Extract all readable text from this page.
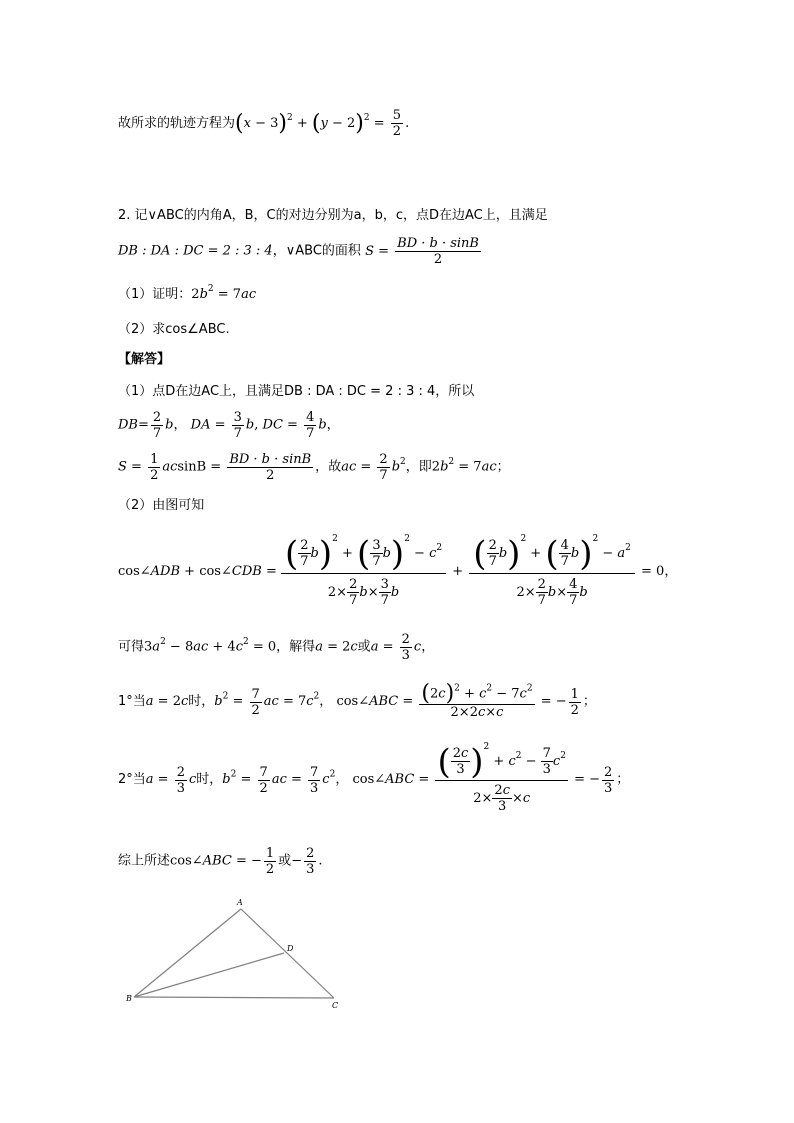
故所求的轨迹方程为$(x - 3)^2 + (y - 2)^2 = \frac{5}{2}$ .
2. 记∨ABC的内角A，B，C的对边分别为a，b，c，点D在边AC上，且满足
DB : DA : DC = 2 : 3 : 4，∨ABC的面积 $S = \frac{BD \cdot b \cdot \sin B}{2}$
（1）证明：$2b^2 = 7ac$
（2）求cos∠ABC.
【解答】
（1）点D在边AC上，且满足DB : DA : DC = 2 : 3 : 4，所以
$DB= \frac{2}{7}$ b， DA = $\frac{3}{7} b$, DC = $\frac{4}{7}$ b，
$S = \frac{1}{2}$ $acsinB = \frac{BD \cdot b \cdot \sin B}{2}$ ，故ac = $\frac{2}{7} b^2$，即$2b^2 = 7ac$；
（2）由图可知
cos∠ADB + cos∠CDB = $\frac{( \frac{2}{7} b)^2 + ( \frac{3}{7} b)^2 - c^2}{2\times \frac{2}{7} b\times \frac{3}{7} b} + \frac{( \frac{2}{7} b)^2 + ( \frac{4}{7} b)^2 - a^2}{2\times \frac{2}{7} b\times \frac{4}{7} b} = 0$，
可得$3a^2 - 8ac + 4c^2 = 0$，解得a = 2c或$a = \frac{2}{3}$ c，
1°当a = 2c时，$b^2 = \frac{7}{2}$ ac = $7c^2$， cos∠ABC = $\frac{(2c)^2 + c^2 - 7c^2}{2\times 2c\times c}$ = − $\frac{1}{2}$ ；
2°当$a = \frac{2}{3}$ c时，$b^2 = \frac{7}{2}$ ac = $\frac{7}{3} c^2$， cos∠ABC = $\frac{( \frac{2c}{3} )^2 + c^2 - \frac{7}{3} c^2}{2\times \frac{2c}{3} \times c}$ = − $\frac{2}{3}$ ；
综上所述cos∠ABC = − $\frac{1}{2}$ 或− $\frac{2}{3}$ .
A
B
C
D
